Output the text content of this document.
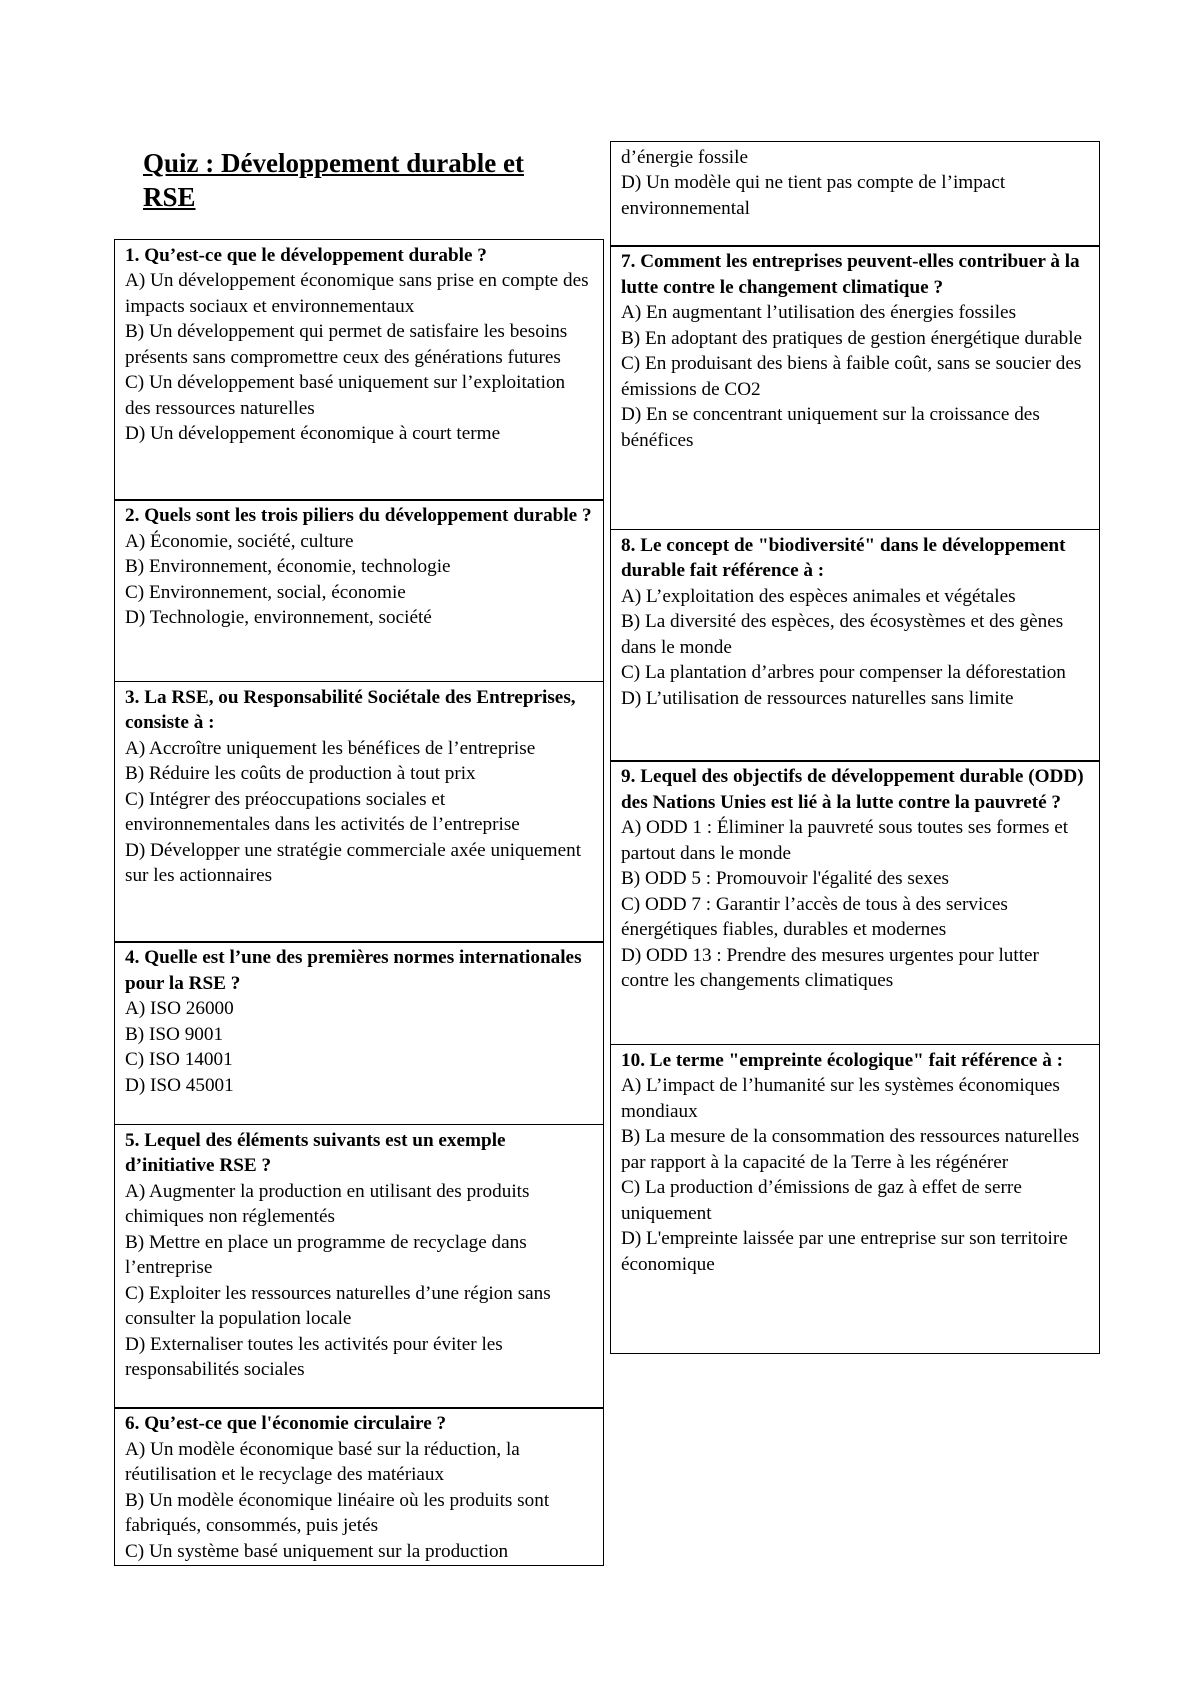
Quiz : Développement durable et RSE
1. Qu’est-ce que le développement durable ?
A) Un développement économique sans prise en compte des impacts sociaux et environnementaux
B) Un développement qui permet de satisfaire les besoins présents sans compromettre ceux des générations futures
C) Un développement basé uniquement sur l’exploitation des ressources naturelles
D) Un développement économique à court terme
2. Quels sont les trois piliers du développement durable ?
A) Économie, société, culture
B) Environnement, économie, technologie
C) Environnement, social, économie
D) Technologie, environnement, société
3. La RSE, ou Responsabilité Sociétale des Entreprises, consiste à :
A) Accroître uniquement les bénéfices de l’entreprise
B) Réduire les coûts de production à tout prix
C) Intégrer des préoccupations sociales et environnementales dans les activités de l’entreprise
D) Développer une stratégie commerciale axée uniquement sur les actionnaires
4. Quelle est l’une des premières normes internationales pour la RSE ?
A) ISO 26000
B) ISO 9001
C) ISO 14001
D) ISO 45001
5. Lequel des éléments suivants est un exemple d’initiative RSE ?
A) Augmenter la production en utilisant des produits chimiques non réglementés
B) Mettre en place un programme de recyclage dans l’entreprise
C) Exploiter les ressources naturelles d’une région sans consulter la population locale
D) Externaliser toutes les activités pour éviter les responsabilités sociales
6. Qu’est-ce que l'économie circulaire ?
A) Un modèle économique basé sur la réduction, la réutilisation et le recyclage des matériaux
B) Un modèle économique linéaire où les produits sont fabriqués, consommés, puis jetés
C) Un système basé uniquement sur la production
d’énergie fossile
D) Un modèle qui ne tient pas compte de l’impact environnemental
7. Comment les entreprises peuvent-elles contribuer à la lutte contre le changement climatique ?
A) En augmentant l’utilisation des énergies fossiles
B) En adoptant des pratiques de gestion énergétique durable
C) En produisant des biens à faible coût, sans se soucier des émissions de CO2
D) En se concentrant uniquement sur la croissance des bénéfices
8. Le concept de "biodiversité" dans le développement durable fait référence à :
A) L’exploitation des espèces animales et végétales
B) La diversité des espèces, des écosystèmes et des gènes dans le monde
C) La plantation d’arbres pour compenser la déforestation
D) L’utilisation de ressources naturelles sans limite
9. Lequel des objectifs de développement durable (ODD) des Nations Unies est lié à la lutte contre la pauvreté ?
A) ODD 1 : Éliminer la pauvreté sous toutes ses formes et partout dans le monde
B) ODD 5 : Promouvoir l'égalité des sexes
C) ODD 7 : Garantir l’accès de tous à des services énergétiques fiables, durables et modernes
D) ODD 13 : Prendre des mesures urgentes pour lutter contre les changements climatiques
10. Le terme "empreinte écologique" fait référence à :
A) L’impact de l’humanité sur les systèmes économiques mondiaux
B) La mesure de la consommation des ressources naturelles par rapport à la capacité de la Terre à les régénérer
C) La production d’émissions de gaz à effet de serre uniquement
D) L'empreinte laissée par une entreprise sur son territoire économique
